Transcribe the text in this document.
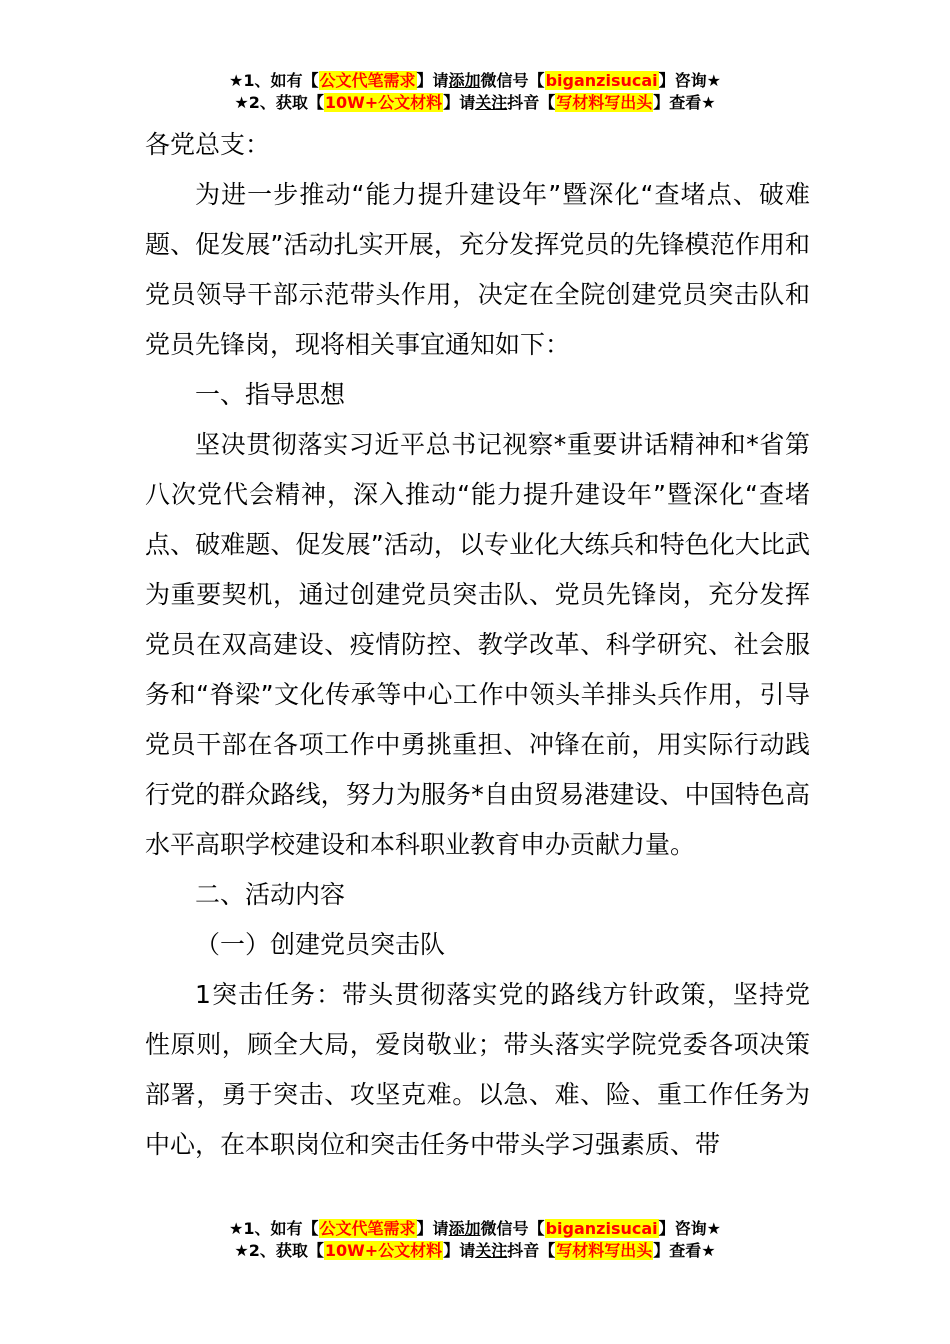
★1、如有【公文代笔需求】请添加微信号【biganzisucai】咨询★
★2、获取【10W+公文材料】请关注抖音【写材料写出头】查看★

各党总支：

为进一步推动“能力提升建设年”暨深化“查堵点、破难题、促发展”活动扎实开展，充分发挥党员的先锋模范作用和党员领导干部示范带头作用，决定在全院创建党员突击队和党员先锋岗，现将相关事宜通知如下：

一、指导思想

坚决贯彻落实习近平总书记视察*重要讲话精神和*省第八次党代会精神，深入推动“能力提升建设年”暨深化“查堵点、破难题、促发展”活动，以专业化大练兵和特色化大比武为重要契机，通过创建党员突击队、党员先锋岗，充分发挥党员在双高建设、疫情防控、教学改革、科学研究、社会服务和“脊梁”文化传承等中心工作中领头羊排头兵作用，引导党员干部在各项工作中勇挑重担、冲锋在前，用实际行动践行党的群众路线，努力为服务*自由贸易港建设、中国特色高水平高职学校建设和本科职业教育申办贡献力量。

二、活动内容

（一）创建党员突击队

1突击任务：带头贯彻落实党的路线方针政策，坚持党性原则，顾全大局，爱岗敬业；带头落实学院党委各项决策部署，勇于突击、攻坚克难。以急、难、险、重工作任务为中心，在本职岗位和突击任务中带头学习强素质、带

★1、如有【公文代笔需求】请添加微信号【biganzisucai】咨询★
★2、获取【10W+公文材料】请关注抖音【写材料写出头】查看★
